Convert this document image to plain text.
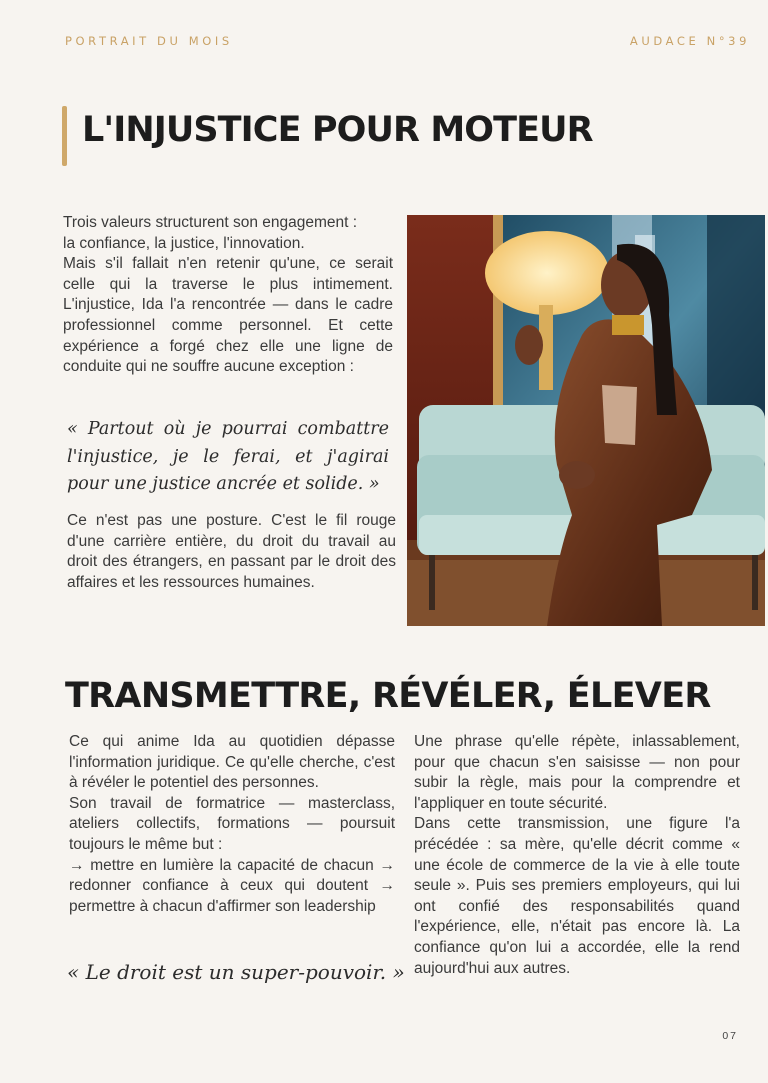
PORTRAIT DU MOIS	AUDACE N°39
L'INJUSTICE POUR MOTEUR
Trois valeurs structurent son engagement :
la confiance, la justice, l'innovation.
Mais s'il fallait n'en retenir qu'une, ce serait celle qui la traverse le plus intimement. L'injustice, Ida l'a rencontrée — dans le cadre professionnel comme personnel. Et cette expérience a forgé chez elle une ligne de conduite qui ne souffre aucune exception :

« Partout où je pourrai combattre l'injustice, je le ferai, et j'agirai pour une justice ancrée et solide. »

Ce n'est pas une posture. C'est le fil rouge d'une carrière entière, du droit du travail au droit des étrangers, en passant par le droit des affaires et les ressources humaines.

TRANSMETTRE, RÉVÉLER, ÉLEVER
Ce qui anime Ida au quotidien dépasse l'information juridique. Ce qu'elle cherche, c'est à révéler le potentiel des personnes.
Son travail de formatrice — masterclass, ateliers collectifs, formations — poursuit toujours le même but :
→ mettre en lumière la capacité de chacun → redonner confiance à ceux qui doutent → permettre à chacun d'affirmer son leadership

« Le droit est un super-pouvoir. »

Une phrase qu'elle répète, inlassablement, pour que chacun s'en saisisse — non pour subir la règle, mais pour la comprendre et l'appliquer en toute sécurité.
Dans cette transmission, une figure l'a précédée : sa mère, qu'elle décrit comme « une école de commerce de la vie à elle toute seule ». Puis ses premiers employeurs, qui lui ont confié des responsabilités quand l'expérience, elle, n'était pas encore là. La confiance qu'on lui a accordée, elle la rend aujourd'hui aux autres.
07
